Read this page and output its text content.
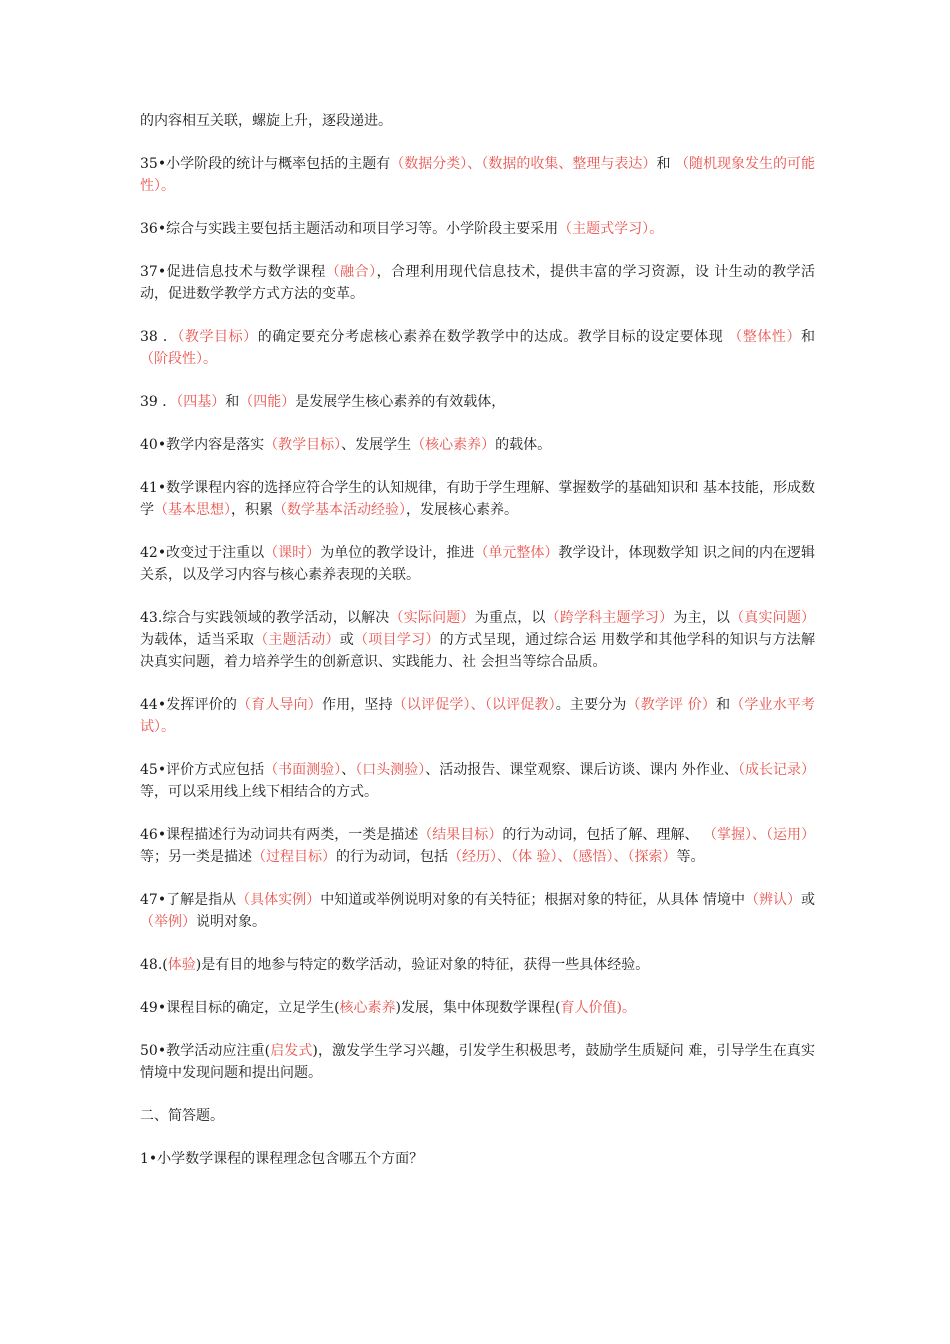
的内容相互关联，螺旋上升，逐段递进。

35•小学阶段的统计与概率包括的主题有（数据分类）、（数据的收集、整理与表达）和 （随机现象发生的可能性）。

36•综合与实践主要包括主题活动和项目学习等。小学阶段主要采用（主题式学习）。

37•促进信息技术与数学课程（融合），合理利用现代信息技术，提供丰富的学习资源，设 计生动的教学活动，促进数学教学方式方法的变革。

38 ．（教学目标）的确定要充分考虑核心素养在数学教学中的达成。教学目标的设定要体现 （整体性）和（阶段性）。

39 ．（四基）和（四能）是发展学生核心素养的有效载体，

40•教学内容是落实（教学目标）、发展学生（核心素养）的载体。

41•数学课程内容的选择应符合学生的认知规律，有助于学生理解、掌握数学的基础知识和 基本技能，形成数学（基本思想），积累（数学基本活动经验），发展核心素养。

42•改变过于注重以（课时）为单位的教学设计，推进（单元整体）教学设计，体现数学知 识之间的内在逻辑关系，以及学习内容与核心素养表现的关联。

43.综合与实践领域的教学活动，以解决（实际问题）为重点，以（跨学科主题学习）为主，以（真实问题）为载体，适当采取（主题活动）或（项目学习）的方式呈现，通过综合运 用数学和其他学科的知识与方法解决真实问题，着力培养学生的创新意识、实践能力、社 会担当等综合品质。

44•发挥评价的（育人导向）作用，坚持（以评促学）、（以评促教）。主要分为（教学评 价）和（学业水平考试）。

45•评价方式应包括（书面测验）、（口头测验）、活动报告、课堂观察、课后访谈、课内 外作业、（成长记录）等，可以采用线上线下相结合的方式。

46•课程描述行为动词共有两类，一类是描述（结果目标）的行为动词，包括了解、理解、 （掌握）、（运用）等；另一类是描述（过程目标）的行为动词，包括（经历）、（体 验）、（感悟）、（探索）等。

47•了解是指从（具体实例）中知道或举例说明对象的有关特征；根据对象的特征，从具体 情境中（辨认）或（举例）说明对象。

48.(体验)是有目的地参与特定的数学活动，验证对象的特征，获得一些具体经验。

49•课程目标的确定，立足学生(核心素养)发展，集中体现数学课程(育人价值)。

50•教学活动应注重(启发式)，激发学生学习兴趣，引发学生积极思考，鼓励学生质疑问 难，引导学生在真实情境中发现问题和提出问题。

二、简答题。

1•小学数学课程的课程理念包含哪五个方面？
